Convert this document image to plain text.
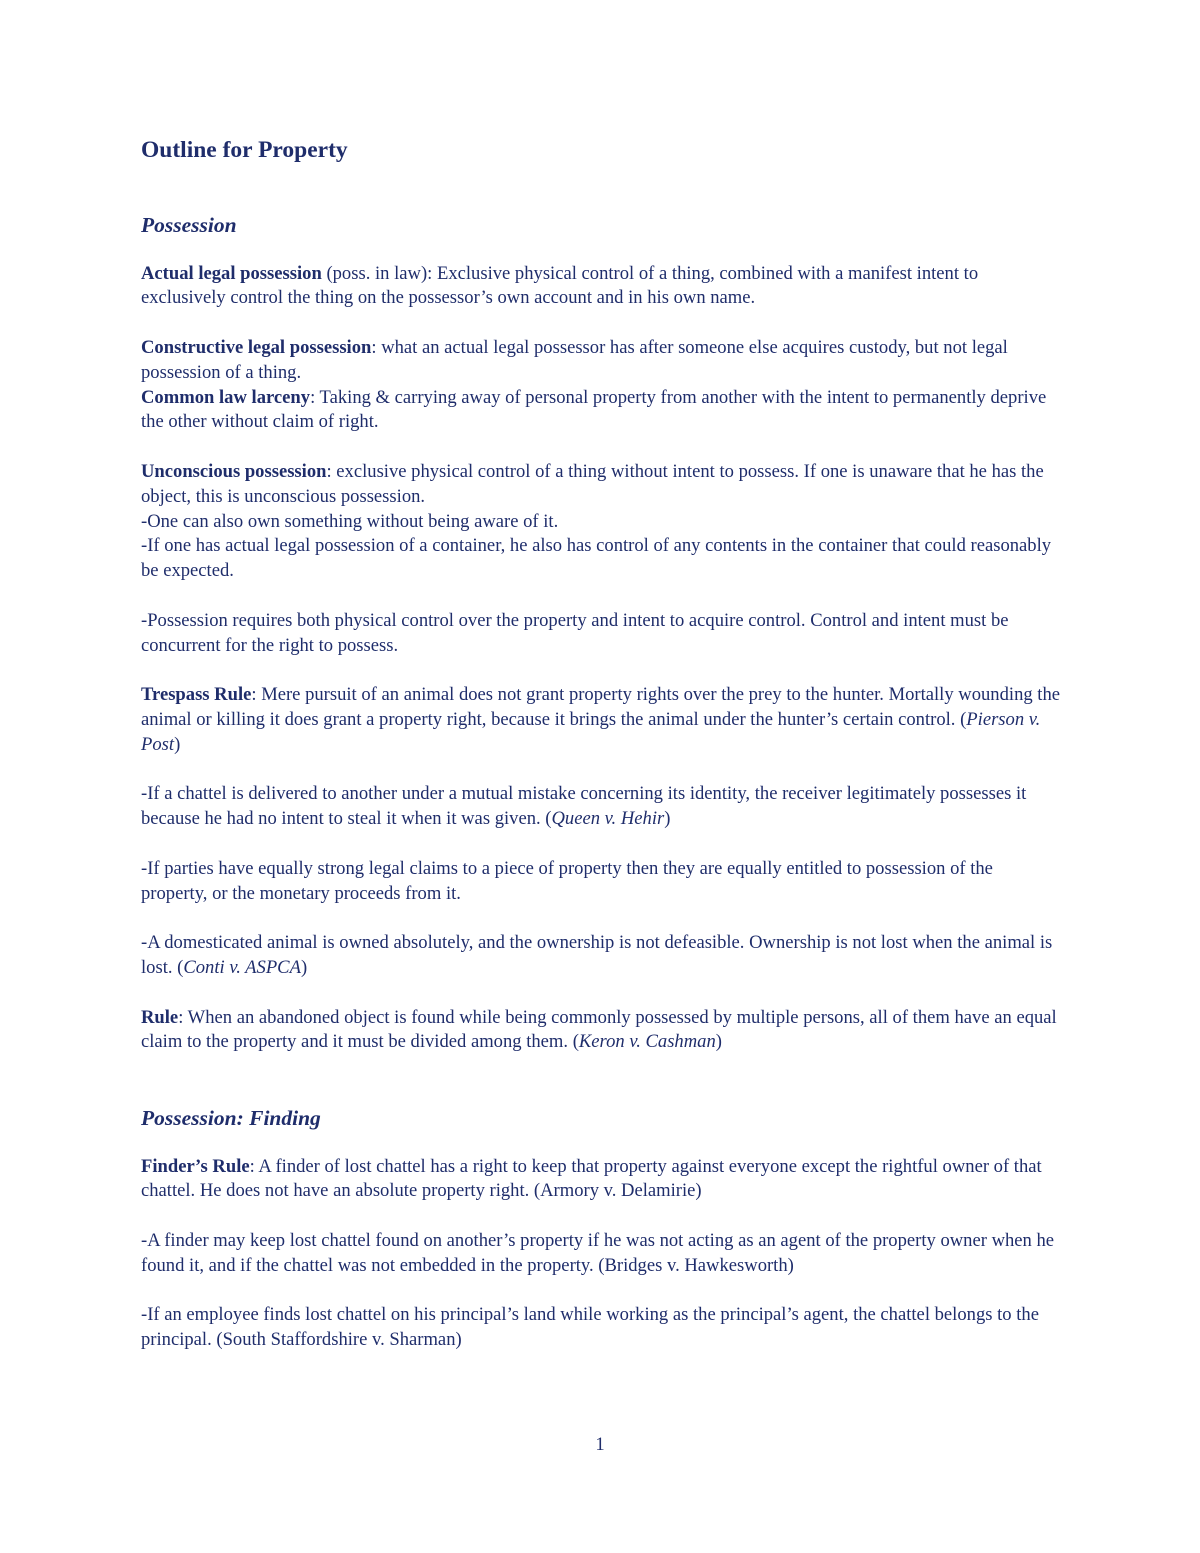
Outline for Property
Possession

Actual legal possession (poss. in law): Exclusive physical control of a thing, combined with a manifest intent to exclusively control the thing on the possessor’s own account and in his own name.

Constructive legal possession: what an actual legal possessor has after someone else acquires custody, but not legal possession of a thing.

Common law larceny: Taking & carrying away of personal property from another with the intent to permanently deprive the other without claim of right.

Unconscious possession: exclusive physical control of a thing without intent to possess. If one is unaware that he has the object, this is unconscious possession.

-One can also own something without being aware of it.

-If one has actual legal possession of a container, he also has control of any contents in the container that could reasonably be expected.

-Possession requires both physical control over the property and intent to acquire control. Control and intent must be concurrent for the right to possess.

Trespass Rule: Mere pursuit of an animal does not grant property rights over the prey to the hunter. Mortally wounding the animal or killing it does grant a property right, because it brings the animal under the hunter’s certain control. (Pierson v. Post)

-If a chattel is delivered to another under a mutual mistake concerning its identity, the receiver legitimately possesses it because he had no intent to steal it when it was given. (Queen v. Hehir)

-If parties have equally strong legal claims to a piece of property then they are equally entitled to possession of the property, or the monetary proceeds from it.

-A domesticated animal is owned absolutely, and the ownership is not defeasible. Ownership is not lost when the animal is lost. (Conti v. ASPCA)

Rule: When an abandoned object is found while being commonly possessed by multiple persons, all of them have an equal claim to the property and it must be divided among them. (Keron v. Cashman)

Possession: Finding

Finder’s Rule: A finder of lost chattel has a right to keep that property against everyone except the rightful owner of that chattel. He does not have an absolute property right. (Armory v. Delamirie)

-A finder may keep lost chattel found on another’s property if he was not acting as an agent of the property owner when he found it, and if the chattel was not embedded in the property. (Bridges v. Hawkesworth)

-If an employee finds lost chattel on his principal’s land while working as the principal’s agent, the chattel belongs to the principal. (South Staffordshire v. Sharman)

1
